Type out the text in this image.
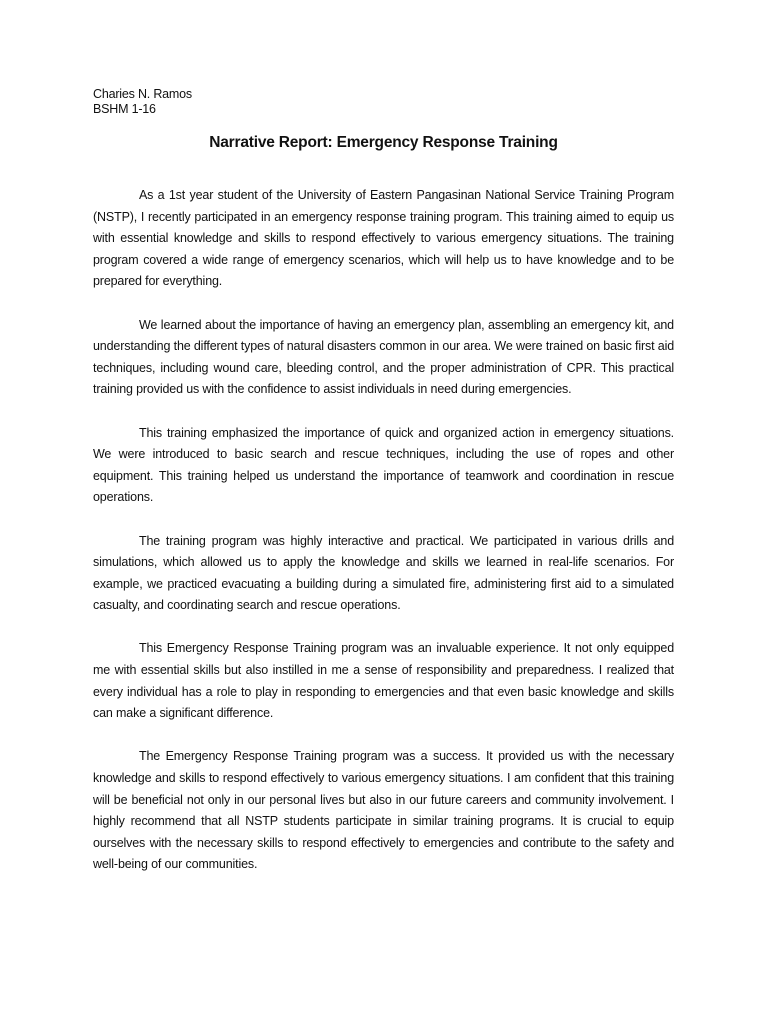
Charies N. Ramos
BSHM 1-16
Narrative Report: Emergency Response Training

As a 1st year student of the University of Eastern Pangasinan National Service Training Program (NSTP), I recently participated in an emergency response training program. This training aimed to equip us with essential knowledge and skills to respond effectively to various emergency situations. The training program covered a wide range of emergency scenarios, which will help us to have knowledge and to be prepared for everything.

We learned about the importance of having an emergency plan, assembling an emergency kit, and understanding the different types of natural disasters common in our area. We were trained on basic first aid techniques, including wound care, bleeding control, and the proper administration of CPR. This practical training provided us with the confidence to assist individuals in need during emergencies.

This training emphasized the importance of quick and organized action in emergency situations. We were introduced to basic search and rescue techniques, including the use of ropes and other equipment. This training helped us understand the importance of teamwork and coordination in rescue operations.

The training program was highly interactive and practical. We participated in various drills and simulations, which allowed us to apply the knowledge and skills we learned in real-life scenarios. For example, we practiced evacuating a building during a simulated fire, administering first aid to a simulated casualty, and coordinating search and rescue operations.

This Emergency Response Training program was an invaluable experience. It not only equipped me with essential skills but also instilled in me a sense of responsibility and preparedness. I realized that every individual has a role to play in responding to emergencies and that even basic knowledge and skills can make a significant difference.

The Emergency Response Training program was a success. It provided us with the necessary knowledge and skills to respond effectively to various emergency situations. I am confident that this training will be beneficial not only in our personal lives but also in our future careers and community involvement. I highly recommend that all NSTP students participate in similar training programs. It is crucial to equip ourselves with the necessary skills to respond effectively to emergencies and contribute to the safety and well-being of our communities.
